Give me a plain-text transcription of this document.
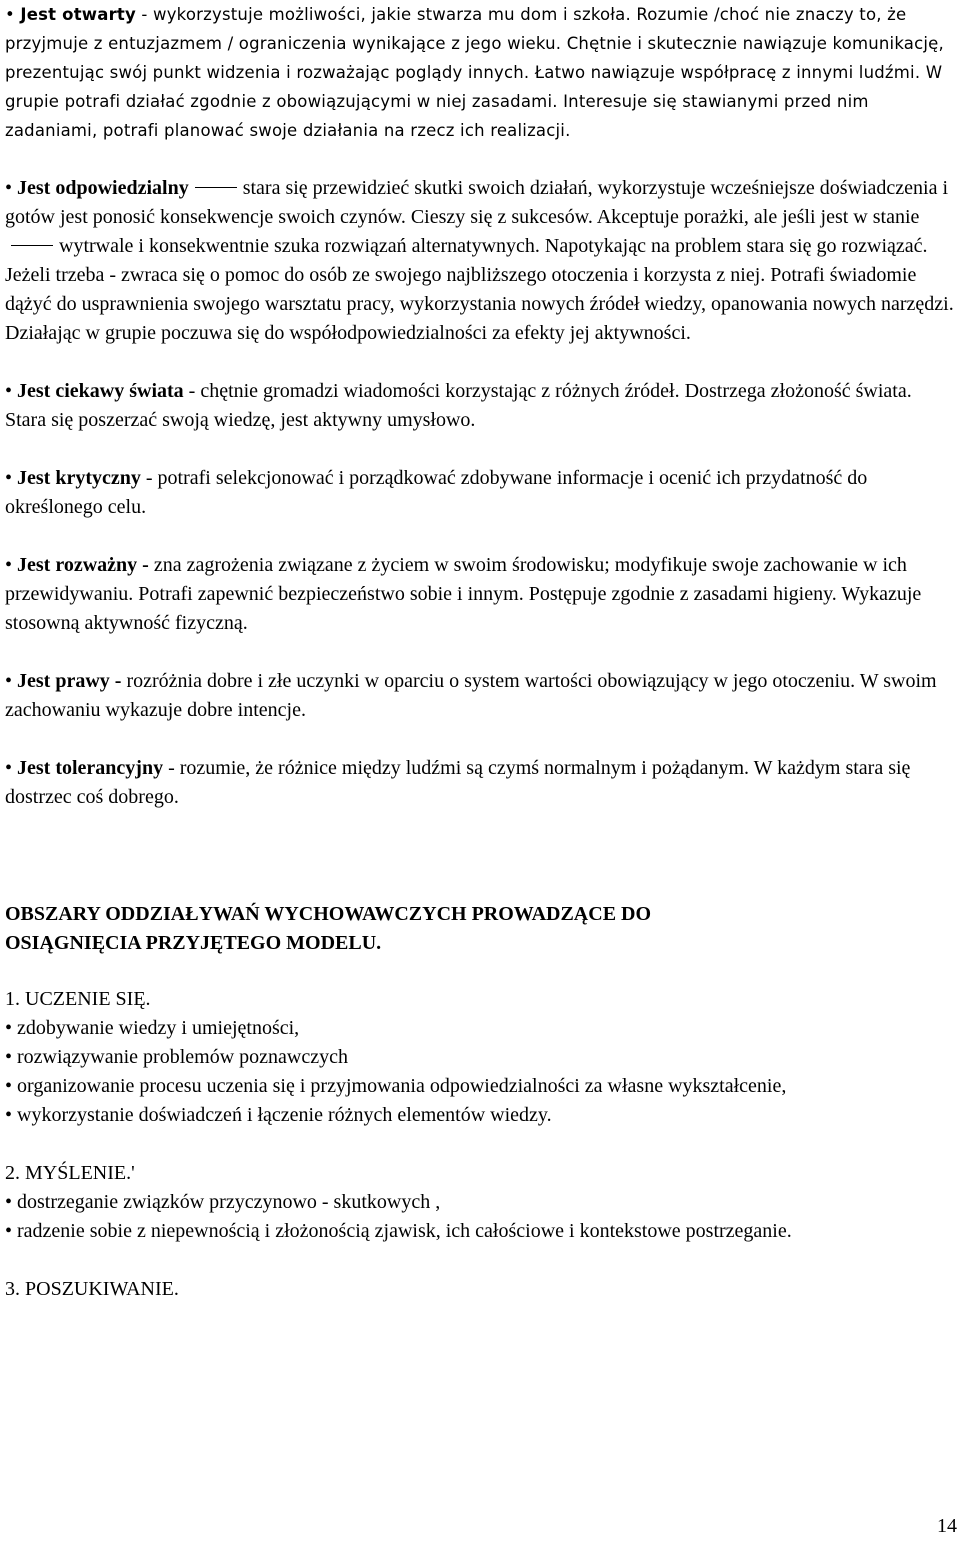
• Jest otwarty - wykorzystuje możliwości, jakie stwarza mu dom i szkoła. Rozumie /choć nie znaczy to, że przyjmuje z entuzjazmem / ograniczenia wynikające z jego wieku. Chętnie i skutecznie nawiązuje komunikację, prezentując swój punkt widzenia i rozważając poglądy innych. Łatwo nawiązuje współpracę z innymi ludźmi. W grupie potrafi działać zgodnie z obowiązującymi w niej zasadami. Interesuje się stawianymi przed nim zadaniami, potrafi planować swoje działania na rzecz ich realizacji.

• Jest odpowiedzialny	stara się przewidzieć skutki swoich działań, wykorzystuje wcześniejsze doświadczenia i gotów jest ponosić konsekwencje swoich czynów. Cieszy się z sukcesów. Akceptuje porażki, ale jeśli jest w staniewytrwale i konsekwentnie szuka rozwiązań alternatywnych. Napotykając na problem stara się go rozwiązać. Jeżeli trzeba - zwraca się o pomoc do osób ze swojego najbliższego otoczenia i korzysta z niej. Potrafi świadomie dążyć do usprawnienia swojego warsztatu pracy, wykorzystania nowych źródeł wiedzy, opanowania nowych narzędzi. Działając w grupie poczuwa się do współodpowiedzialności za efekty jej aktywności.

• Jest ciekawy świata - chętnie gromadzi wiadomości korzystając z różnych źródeł. Dostrzega złożoność świata. Stara się poszerzać swoją wiedzę, jest aktywny umysłowo.

• Jest krytyczny - potrafi selekcjonować i porządkować zdobywane informacje i ocenić ich przydatność do określonego celu.

• Jest rozważny - zna zagrożenia związane z życiem w swoim środowisku; modyfikuje swoje zachowanie w ich przewidywaniu. Potrafi zapewnić bezpieczeństwo sobie i innym. Postępuje zgodnie z zasadami higieny. Wykazuje stosowną aktywność fizyczną.

• Jest prawy - rozróżnia dobre i złe uczynki w oparciu o system wartości obowiązujący w jego otoczeniu. W swoim zachowaniu wykazuje dobre intencje.

• Jest tolerancyjny - rozumie, że różnice między ludźmi są czymś normalnym i pożądanym. W każdym stara się dostrzec coś dobrego.

OBSZARY ODDZIAŁYWAŃ WYCHOWAWCZYCH PROWADZĄCE DO
OSIĄGNIĘCIA PRZYJĘTEGO MODELU.

1. UCZENIE SIĘ.

• zdobywanie wiedzy i umiejętności,

• rozwiązywanie problemów poznawczych

• organizowanie procesu uczenia się i przyjmowania odpowiedzialności za własne wykształcenie,

• wykorzystanie doświadczeń i łączenie różnych elementów wiedzy.

2. MYŚLENIE.'

• dostrzeganie związków przyczynowo - skutkowych ,

• radzenie sobie z niepewnością i złożonością zjawisk, ich całościowe i kontekstowe postrzeganie.

3. POSZUKIWANIE.

14
